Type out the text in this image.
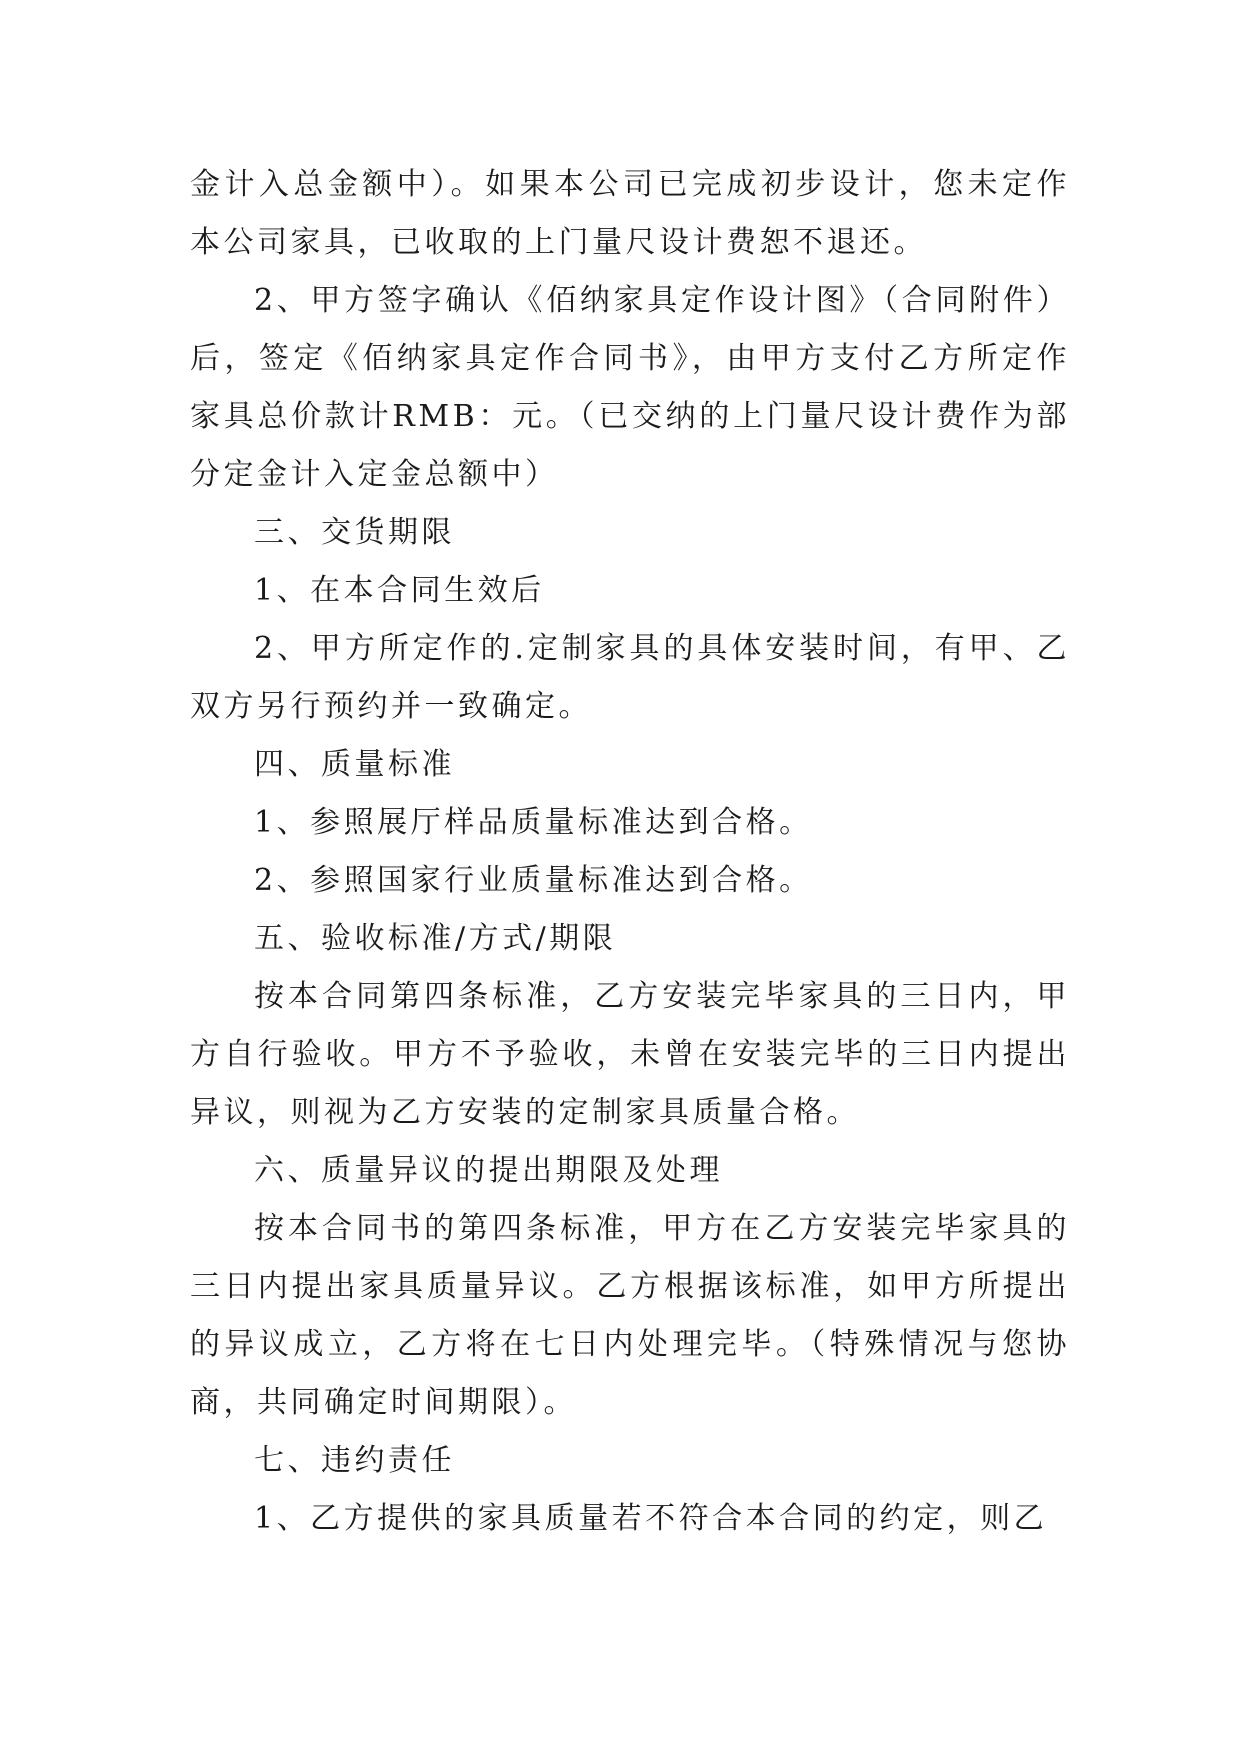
金计入总金额中）。如果本公司已完成初步设计，您未定作本公司家具，已收取的上门量尺设计费恕不退还。

2、甲方签字确认《佰纳家具定作设计图》（合同附件）后，签定《佰纳家具定作合同书》，由甲方支付乙方所定作家具总价款计RMB：元。（已交纳的上门量尺设计费作为部分定金计入定金总额中）

三、交货期限

1、在本合同生效后

2、甲方所定作的.定制家具的具体安装时间，有甲、乙双方另行预约并一致确定。

四、质量标准

1、参照展厅样品质量标准达到合格。

2、参照国家行业质量标准达到合格。

五、验收标准/方式/期限

按本合同第四条标准，乙方安装完毕家具的三日内，甲方自行验收。甲方不予验收，未曾在安装完毕的三日内提出异议，则视为乙方安装的定制家具质量合格。

六、质量异议的提出期限及处理

按本合同书的第四条标准，甲方在乙方安装完毕家具的三日内提出家具质量异议。乙方根据该标准，如甲方所提出的异议成立，乙方将在七日内处理完毕。（特殊情况与您协商，共同确定时间期限）。

七、违约责任

1、乙方提供的家具质量若不符合本合同的约定，则乙
